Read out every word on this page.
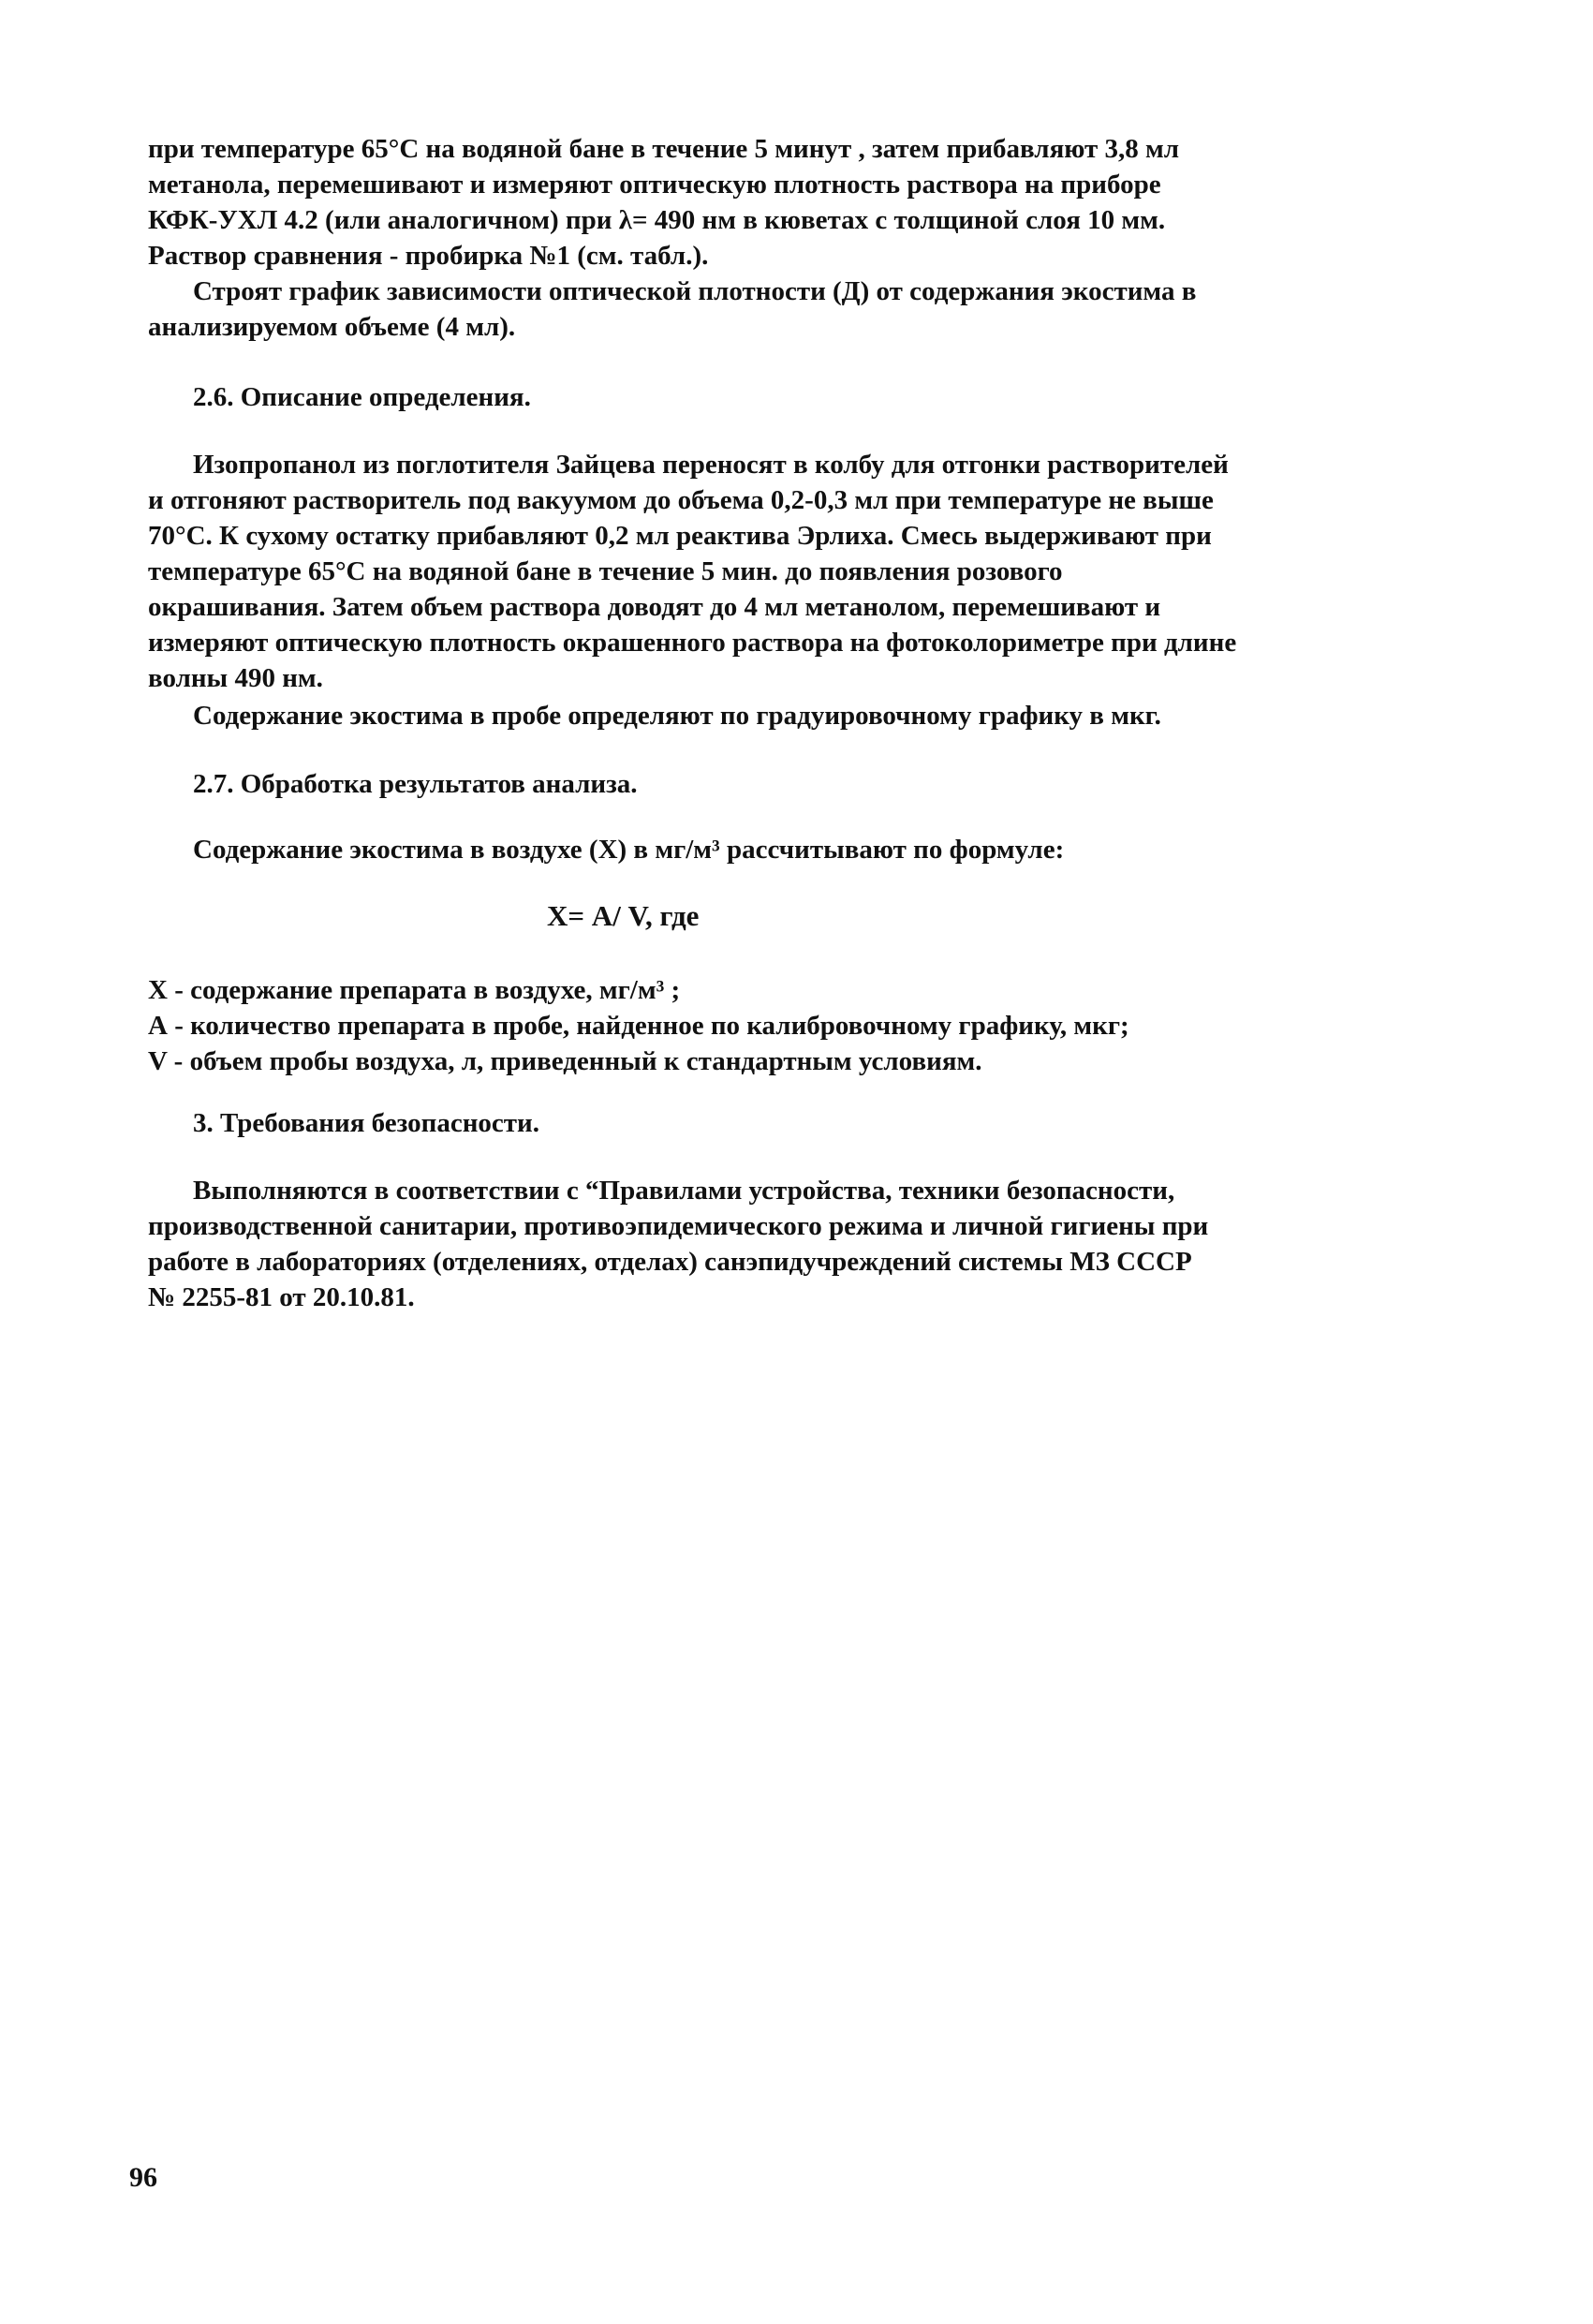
при температуре 65°C на водяной бане в течение 5 минут , затем прибавляют 3,8 мл
метанола, перемешивают и измеряют оптическую плотность раствора на приборе
КФК-УХЛ 4.2 (или аналогичном) при λ= 490 нм в кюветах с толщиной слоя 10 мм.
Раствор сравнения - пробирка №1 (см. табл.).
Строят график зависимости оптической плотности (Д) от содержания экостима в
анализируемом объеме (4 мл).
2.6. Описание определения.
Изопропанол из поглотителя Зайцева переносят в колбу для отгонки растворителей
и отгоняют растворитель под вакуумом до объема 0,2-0,3 мл при температуре не выше
70°С. К сухому остатку прибавляют 0,2 мл реактива Эрлиха. Смесь выдерживают при
температуре 65°С на водяной бане в течение 5 мин. до появления розового
окрашивания. Затем объем раствора доводят до 4 мл метанолом, перемешивают и
измеряют оптическую плотность окрашенного раствора на фотоколориметре при длине
волны 490 нм.
Содержание экостима в пробе определяют по градуировочному графику в мкг.
2.7. Обработка результатов анализа.
Содержание экостима в воздухе (Х) в мг/м³ рассчитывают по формуле:
Х= А/ V, где
Х - содержание препарата в воздухе, мг/м³ ;
А - количество препарата в пробе, найденное по калибровочному графику, мкг;
V - объем пробы воздуха, л, приведенный к стандартным условиям.
3. Требования безопасности.
Выполняются в соответствии с “Правилами устройства, техники безопасности,
производственной санитарии, противоэпидемического режима и личной гигиены при
работе в лабораториях (отделениях, отделах) санэпидучреждений системы МЗ СССР
№ 2255-81 от 20.10.81.
96
